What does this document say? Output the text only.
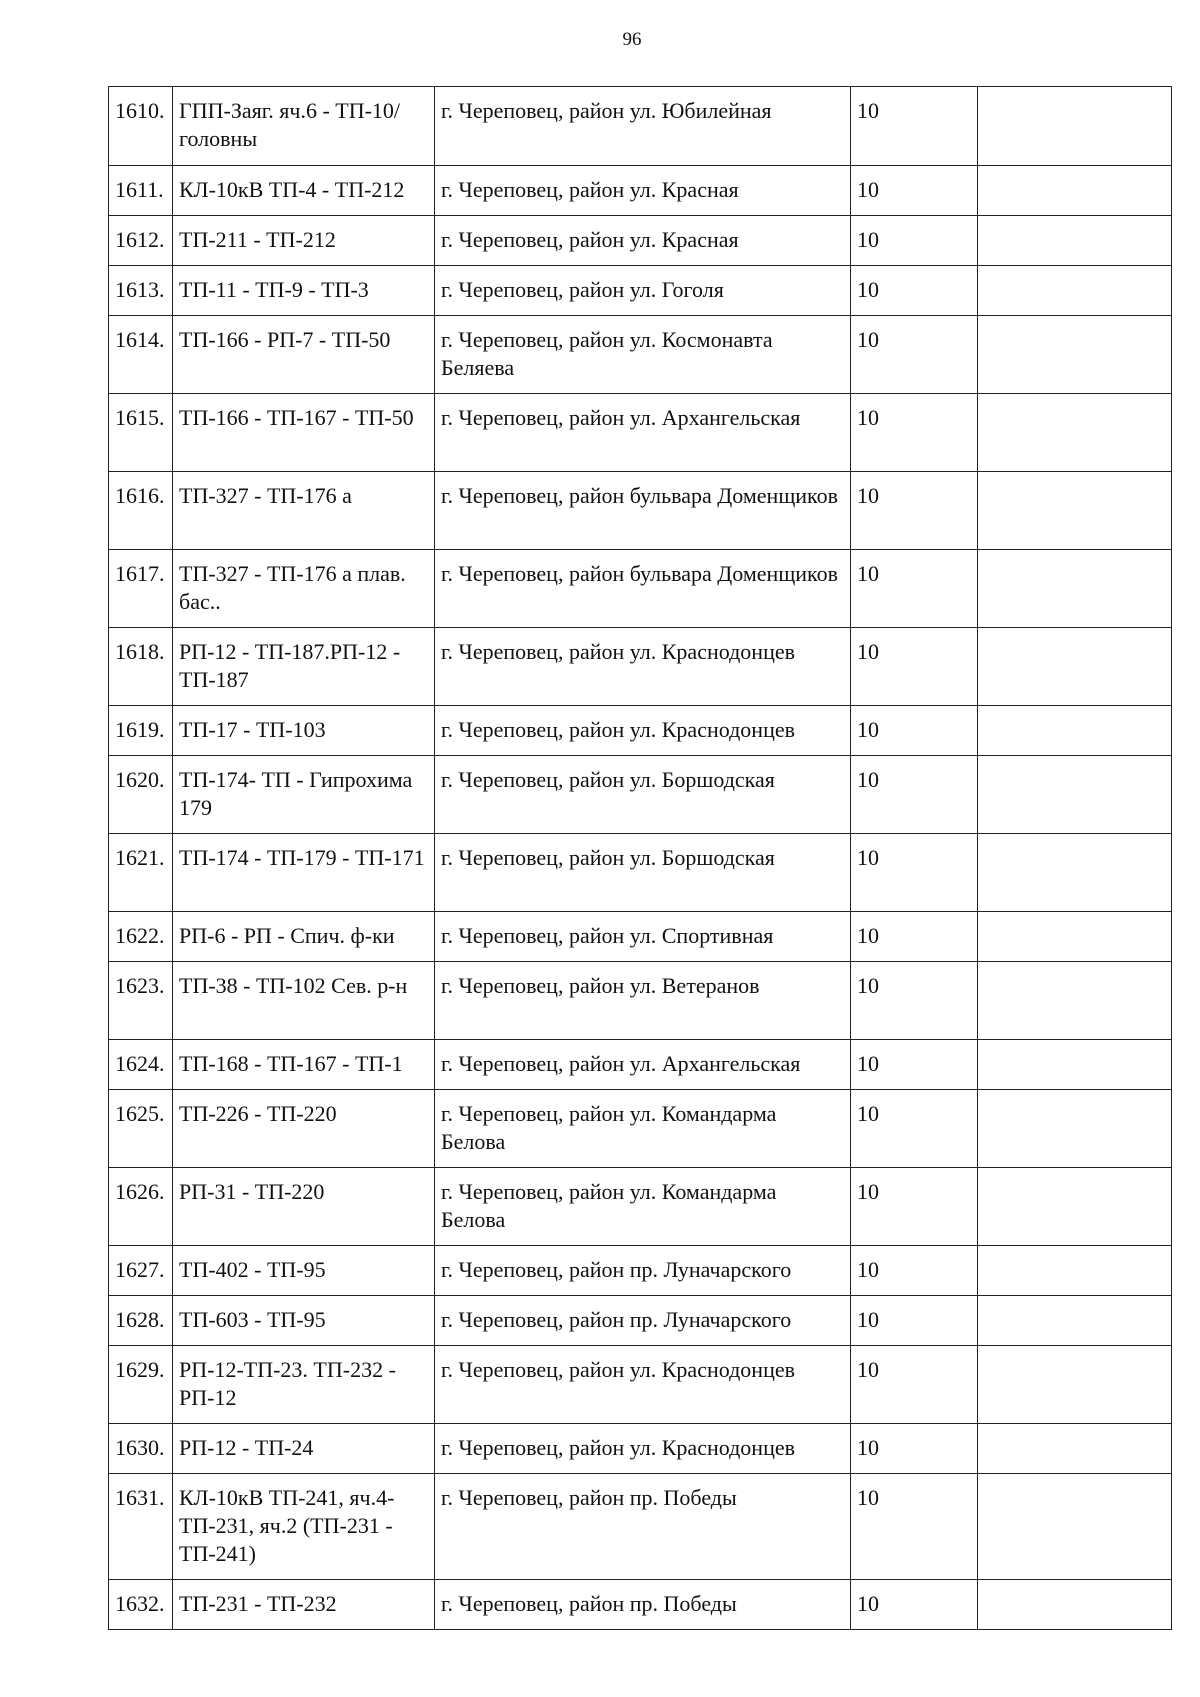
96
1610.	ГПП-Заяг. яч.6 - ТП-10/головны	г. Череповец, район ул. Юбилейная	10	
1611.	КЛ-10кВ ТП-4 - ТП-212	г. Череповец, район ул. Красная	10	
1612.	ТП-211 - ТП-212	г. Череповец, район ул. Красная	10	
1613.	ТП-11 - ТП-9 - ТП-3	г. Череповец, район ул. Гоголя	10	
1614.	ТП-166 - РП-7 - ТП-50	г. Череповец, район ул. Космонавта Беляева	10	
1615.	ТП-166 - ТП-167 - ТП-50	г. Череповец, район ул. Архангельская	10	
1616.	ТП-327 - ТП-176 а	г. Череповец, район бульвара Доменщиков	10	
1617.	ТП-327 - ТП-176 а плав. бас..	г. Череповец, район бульвара Доменщиков	10	
1618.	РП-12 - ТП-187.РП-12 - ТП-187	г. Череповец, район ул. Краснодонцев	10	
1619.	ТП-17 - ТП-103	г. Череповец, район ул. Краснодонцев	10	
1620.	ТП-174- ТП - Гипрохима 179	г. Череповец, район ул. Боршодская	10	
1621.	ТП-174 - ТП-179 - ТП-171	г. Череповец, район ул. Боршодская	10	
1622.	РП-6 - РП - Спич. ф-ки	г. Череповец, район ул. Спортивная	10	
1623.	ТП-38 - ТП-102 Сев. р-н	г. Череповец, район ул. Ветеранов	10	
1624.	ТП-168 - ТП-167 - ТП-1	г. Череповец, район ул. Архангельская	10	
1625.	ТП-226 - ТП-220	г. Череповец, район ул. Командарма Белова	10	
1626.	РП-31 - ТП-220	г. Череповец, район ул. Командарма Белова	10	
1627.	ТП-402 - ТП-95	г. Череповец, район пр. Луначарского	10	
1628.	ТП-603 - ТП-95	г. Череповец, район пр. Луначарского	10	
1629.	РП-12-ТП-23. ТП-232 - РП-12	г. Череповец, район ул. Краснодонцев	10	
1630.	РП-12 - ТП-24	г. Череповец, район ул. Краснодонцев	10	
1631.	КЛ-10кВ ТП-241, яч.4-ТП-231, яч.2 (ТП-231 - ТП-241)	г. Череповец, район пр. Победы	10	
1632.	ТП-231 - ТП-232	г. Череповец, район пр. Победы	10	
